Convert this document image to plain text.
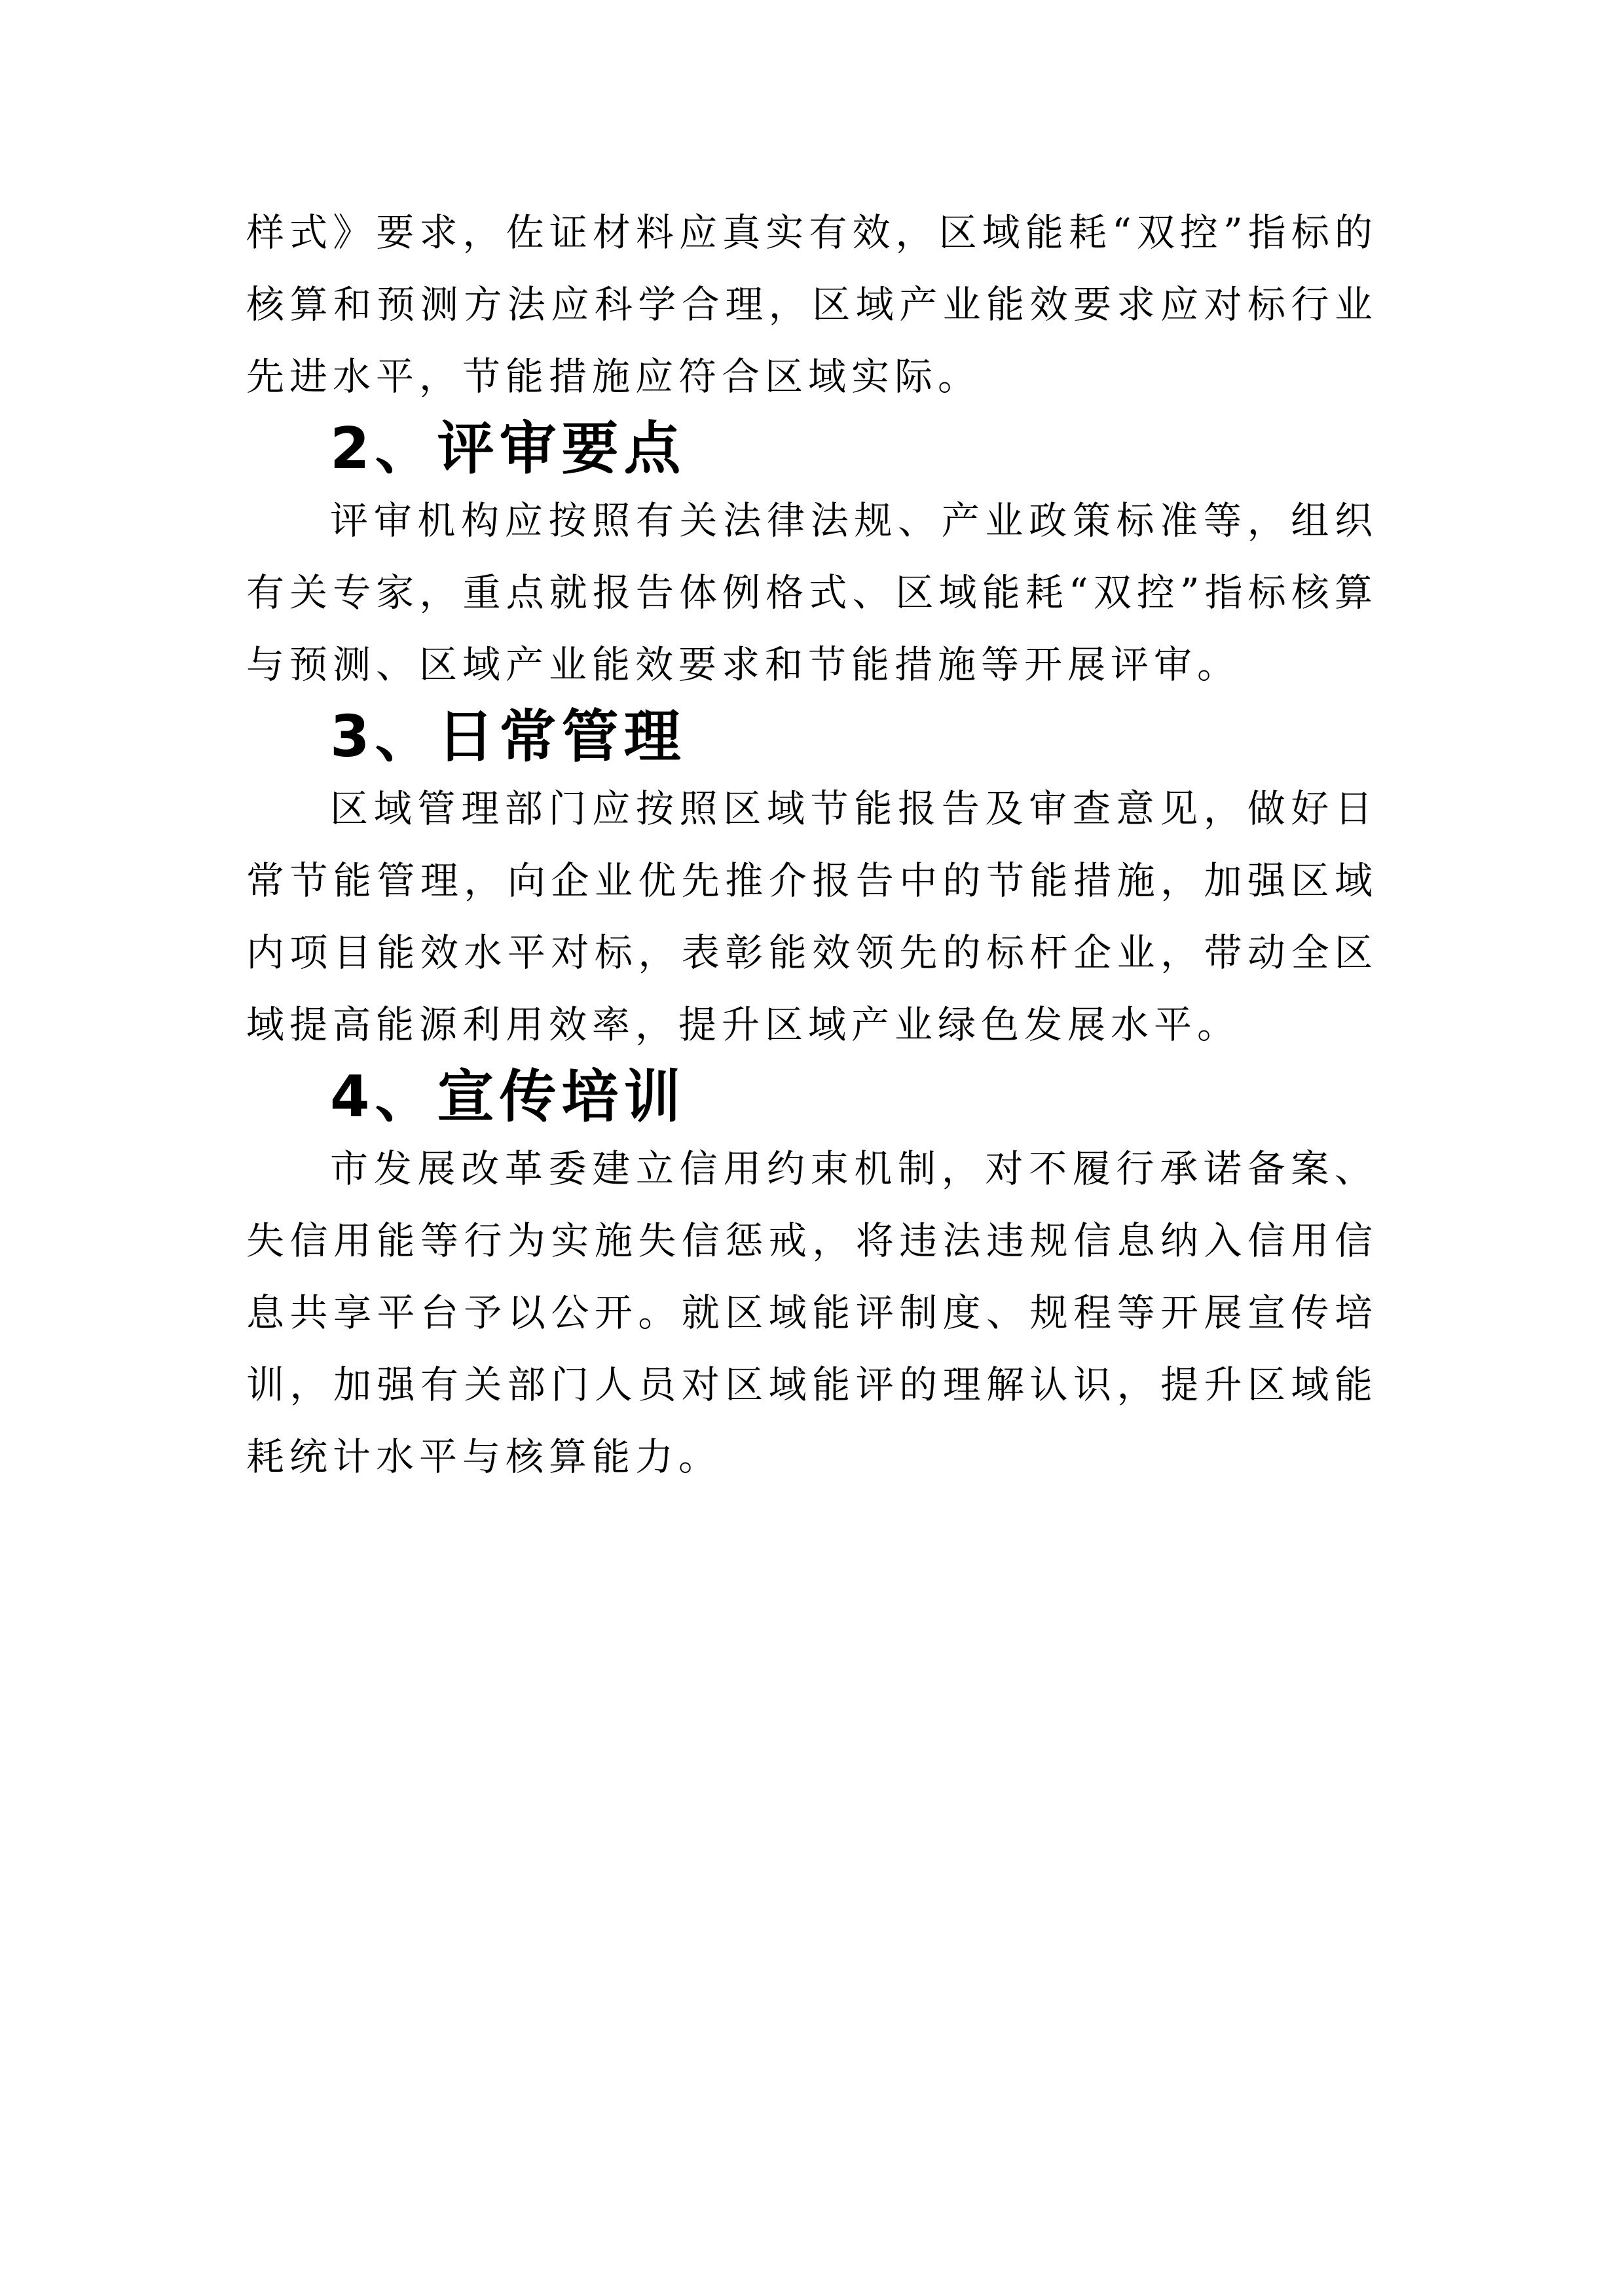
样式》要求，佐证材料应真实有效，区域能耗“双控”指标的核算和预测方法应科学合理，区域产业能效要求应对标行业先进水平，节能措施应符合区域实际。

2、评审要点

评审机构应按照有关法律法规、产业政策标准等，组织有关专家，重点就报告体例格式、区域能耗“双控”指标核算与预测、区域产业能效要求和节能措施等开展评审。

3、日常管理

区域管理部门应按照区域节能报告及审查意见，做好日常节能管理，向企业优先推介报告中的节能措施，加强区域内项目能效水平对标，表彰能效领先的标杆企业，带动全区域提高能源利用效率，提升区域产业绿色发展水平。

4、宣传培训

市发展改革委建立信用约束机制，对不履行承诺备案、失信用能等行为实施失信惩戒，将违法违规信息纳入信用信息共享平台予以公开。就区域能评制度、规程等开展宣传培训，加强有关部门人员对区域能评的理解认识，提升区域能耗统计水平与核算能力。
